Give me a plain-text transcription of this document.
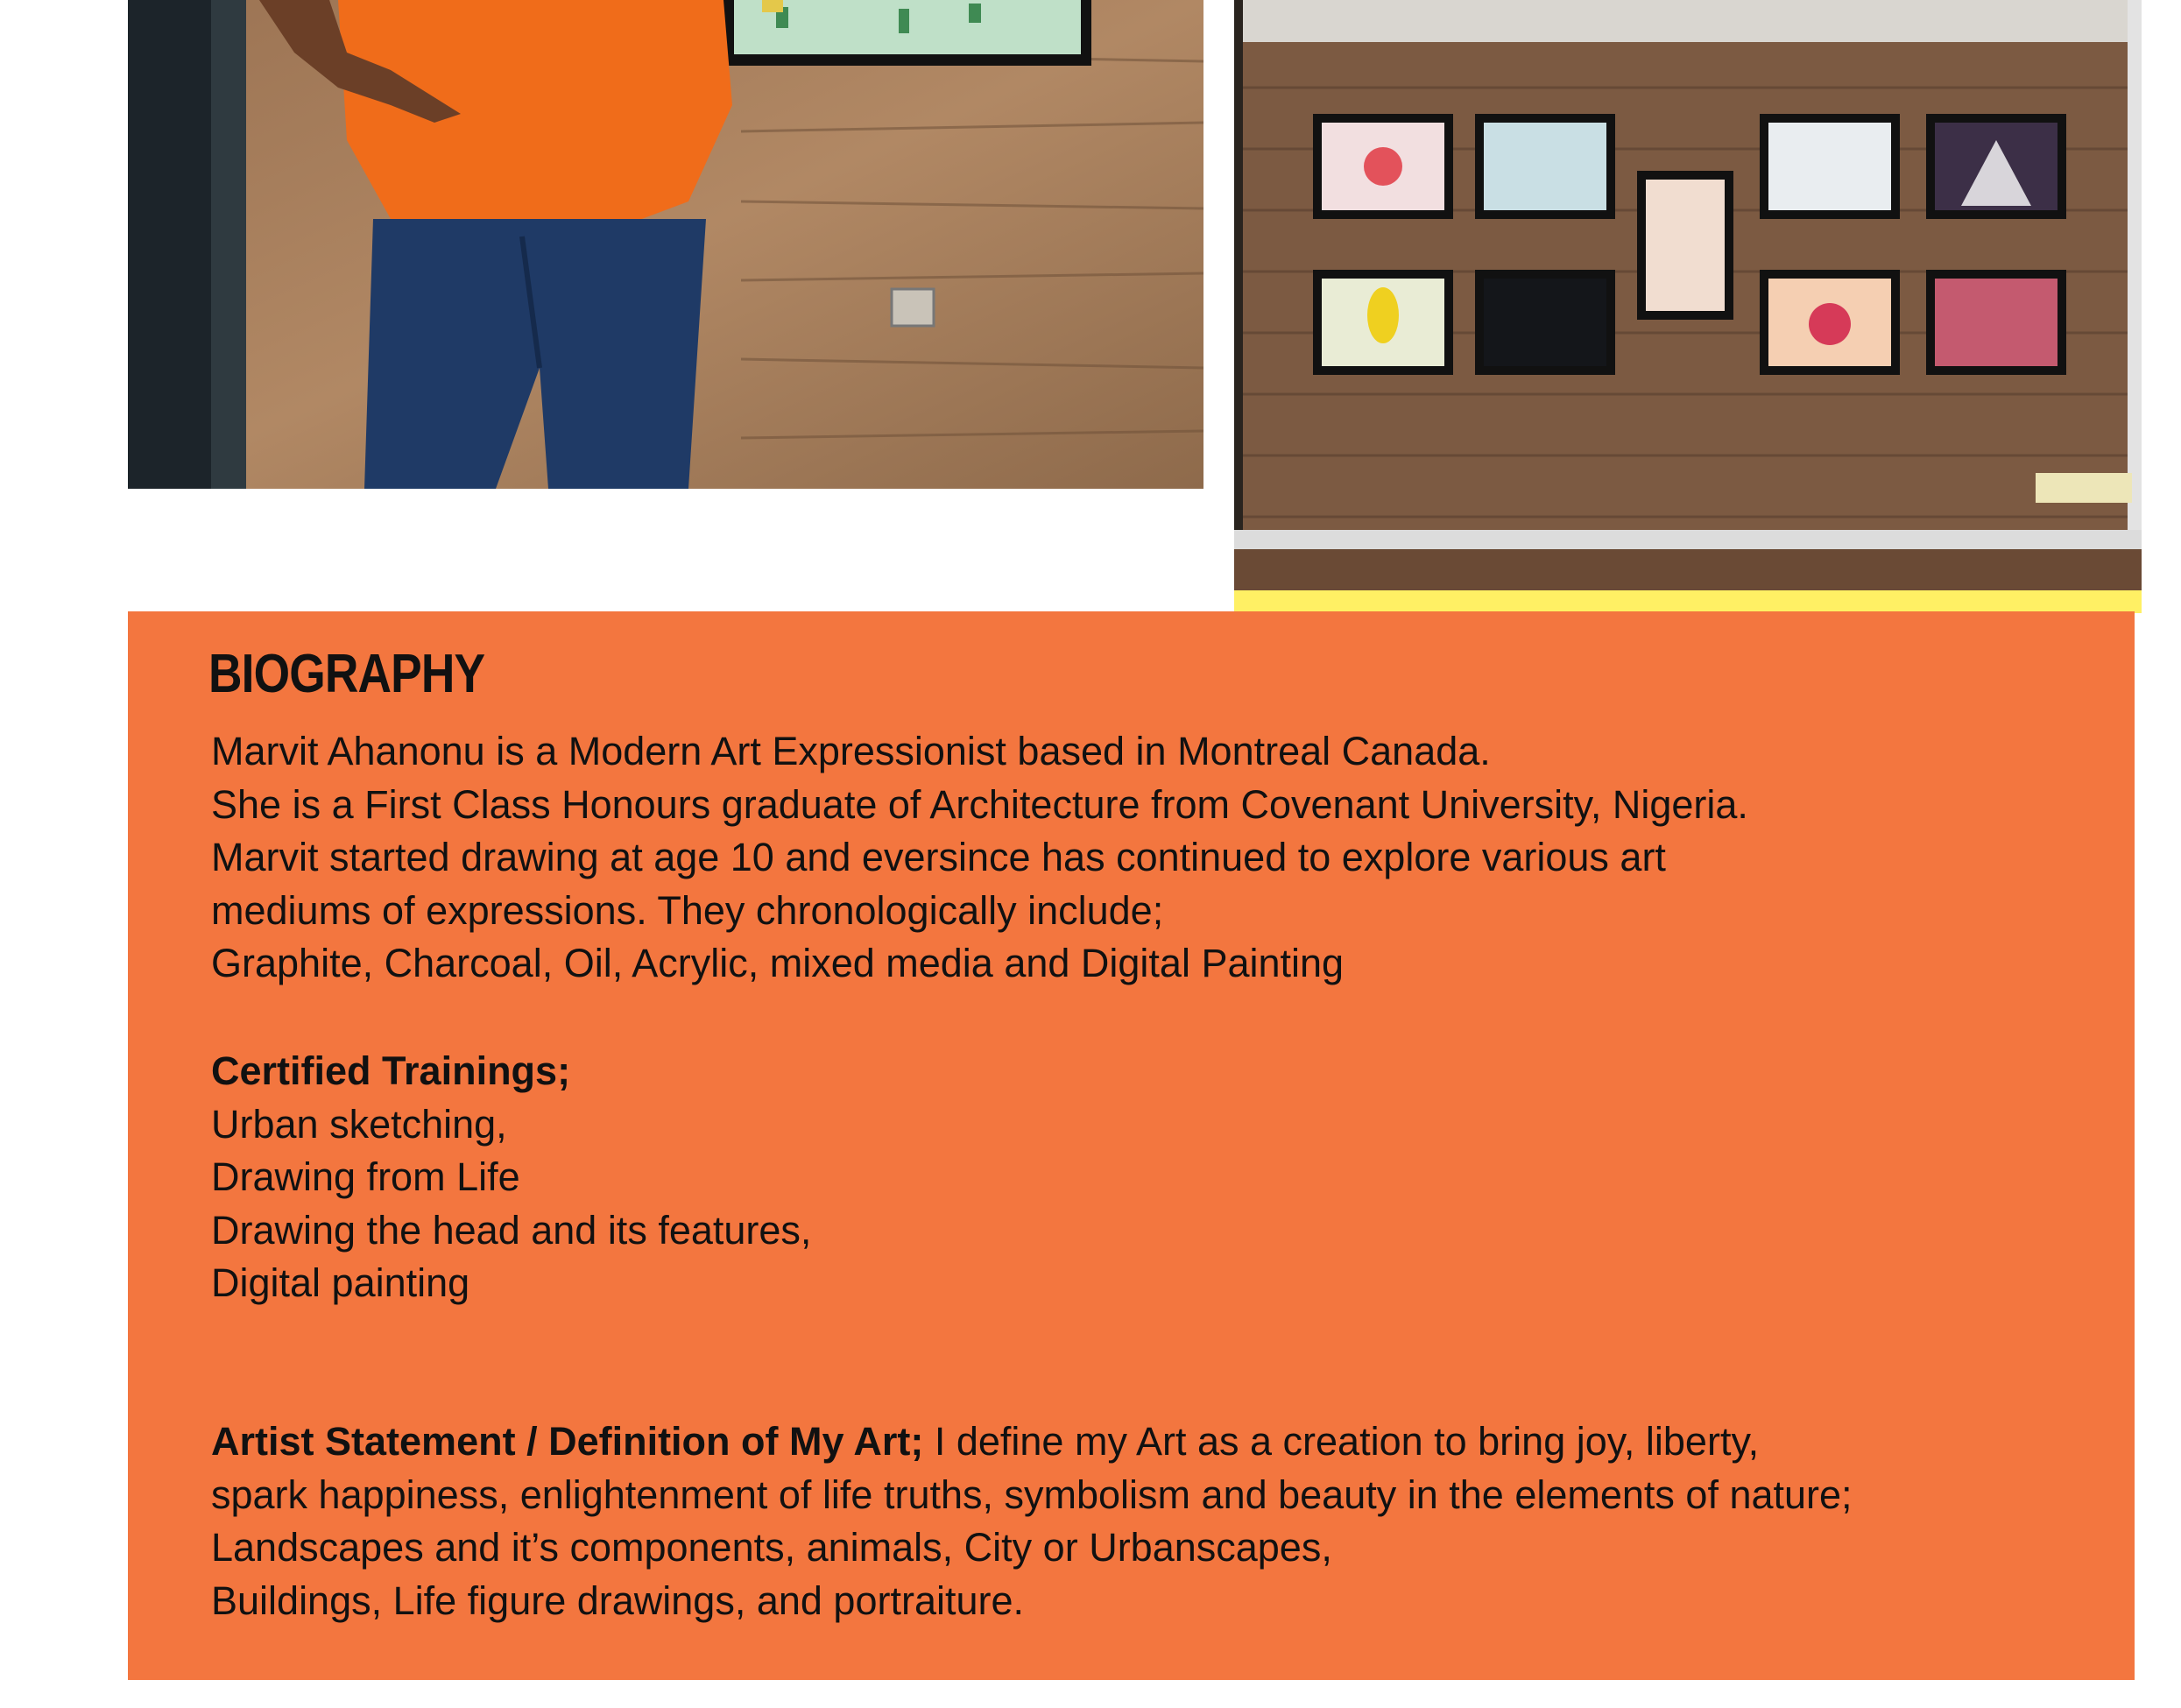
BIOGRAPHY
Marvit Ahanonu is a Modern Art Expressionist based in Montreal Canada.
She is a First Class Honours graduate of Architecture from Covenant University, Nigeria.
Marvit started drawing at age 10 and eversince has continued to explore various art
mediums of expressions. They chronologically include;
Graphite, Charcoal, Oil, Acrylic, mixed media and Digital Painting
Certified Trainings;
Urban sketching,
Drawing from Life
Drawing the head and its features,
Digital painting
Artist Statement / Definition of My Art; I define my Art as a creation to bring joy, liberty,
spark happiness, enlightenment of life truths, symbolism and beauty in the elements of nature;
Landscapes and it’s components, animals, City or Urbanscapes,
Buildings, Life figure drawings, and portraiture.
